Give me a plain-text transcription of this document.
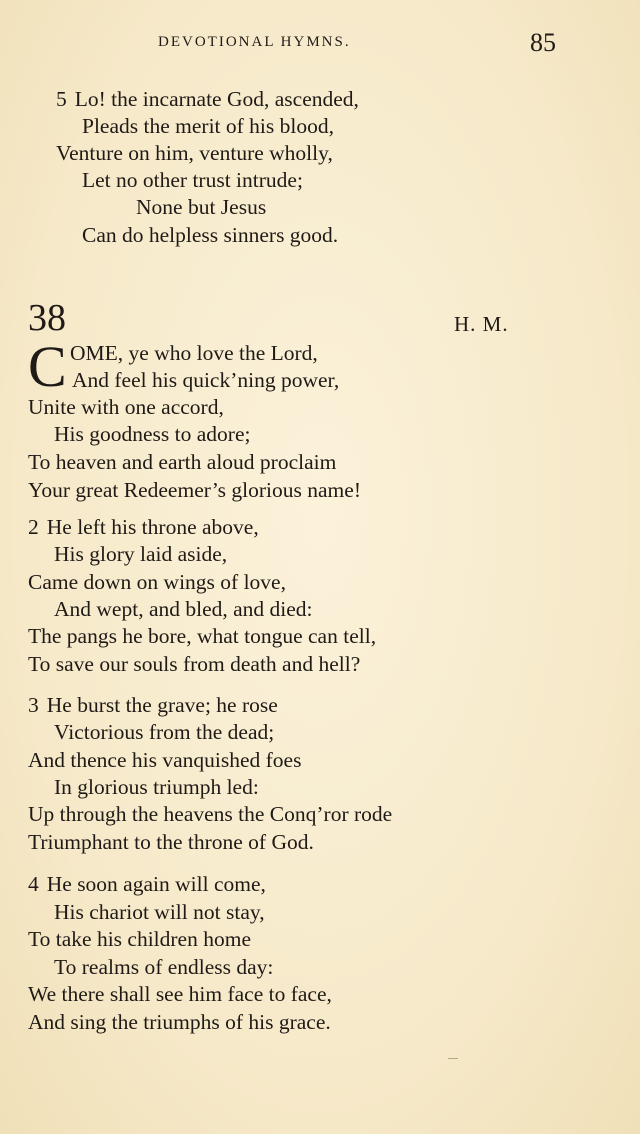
DEVOTIONAL HYMNS.	85
5 Lo! the incarnate God, ascended,
Pleads the merit of his blood,
Venture on him, venture wholly,
Let no other trust intrude;
None but Jesus
Can do helpless sinners good.
38	H. M.
C OME, ye who love the Lord,
And feel his quick’ning power,
Unite with one accord,
His goodness to adore;
To heaven and earth aloud proclaim
Your great Redeemer’s glorious name!
2 He left his throne above,
His glory laid aside,
Came down on wings of love,
And wept, and bled, and died:
The pangs he bore, what tongue can tell,
To save our souls from death and hell?
3 He burst the grave; he rose
Victorious from the dead;
And thence his vanquished foes
In glorious triumph led:
Up through the heavens the Conq’ror rode
Triumphant to the throne of God.
4 He soon again will come,
His chariot will not stay,
To take his children home
To realms of endless day:
We there shall see him face to face,
And sing the triumphs of his grace.
